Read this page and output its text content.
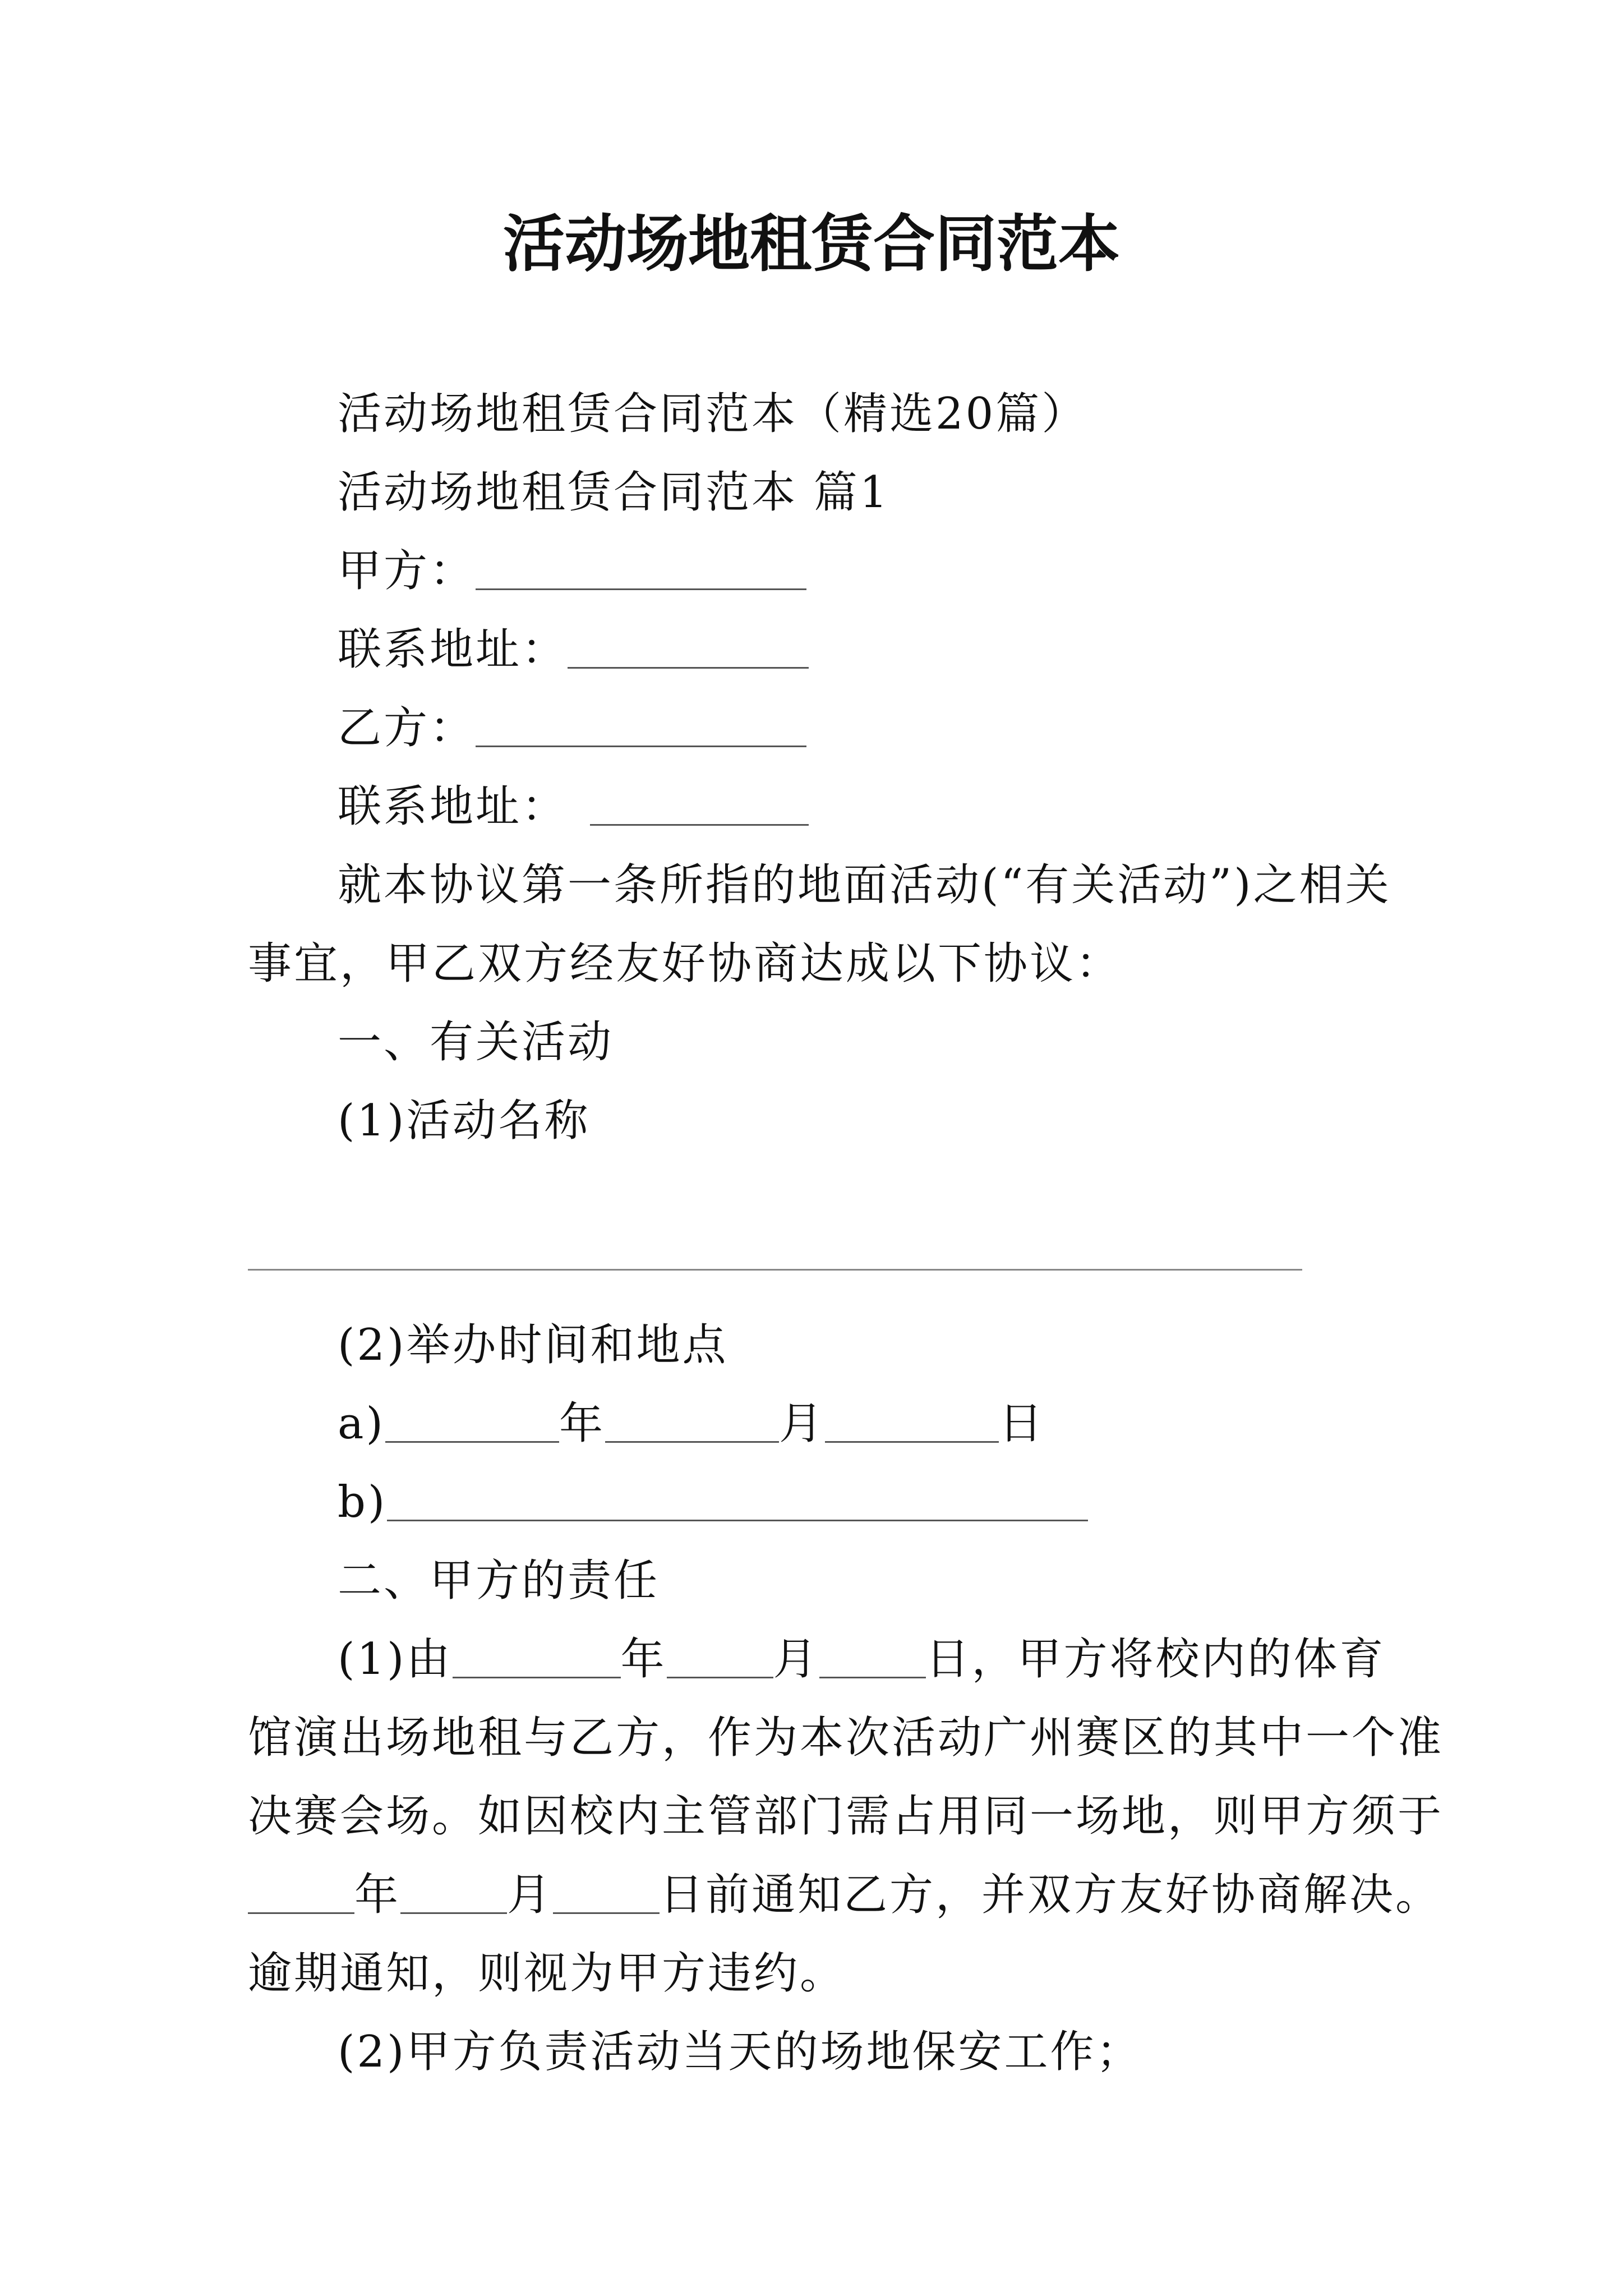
活动场地租赁合同范本
活动场地租赁合同范本（精选20篇）
活动场地租赁合同范本 篇1
甲方：
联系地址：
乙方：
联系地址：
就本协议第一条所指的地面活动(“有关活动”)之相关
事宜，甲乙双方经友好协商达成以下协议：
一、有关活动
(1)活动名称
(2)举办时间和地点
a)	年	月	日
b)
二、甲方的责任
(1)由	年 月 日，甲方将校内的体育
馆演出场地租与乙方，作为本次活动广州赛区的其中一个准
决赛会场。如因校内主管部门需占用同一场地，则甲方须于
年 月 日前通知乙方，并双方友好协商解决。
逾期通知，则视为甲方违约。
(2)甲方负责活动当天的场地保安工作；
